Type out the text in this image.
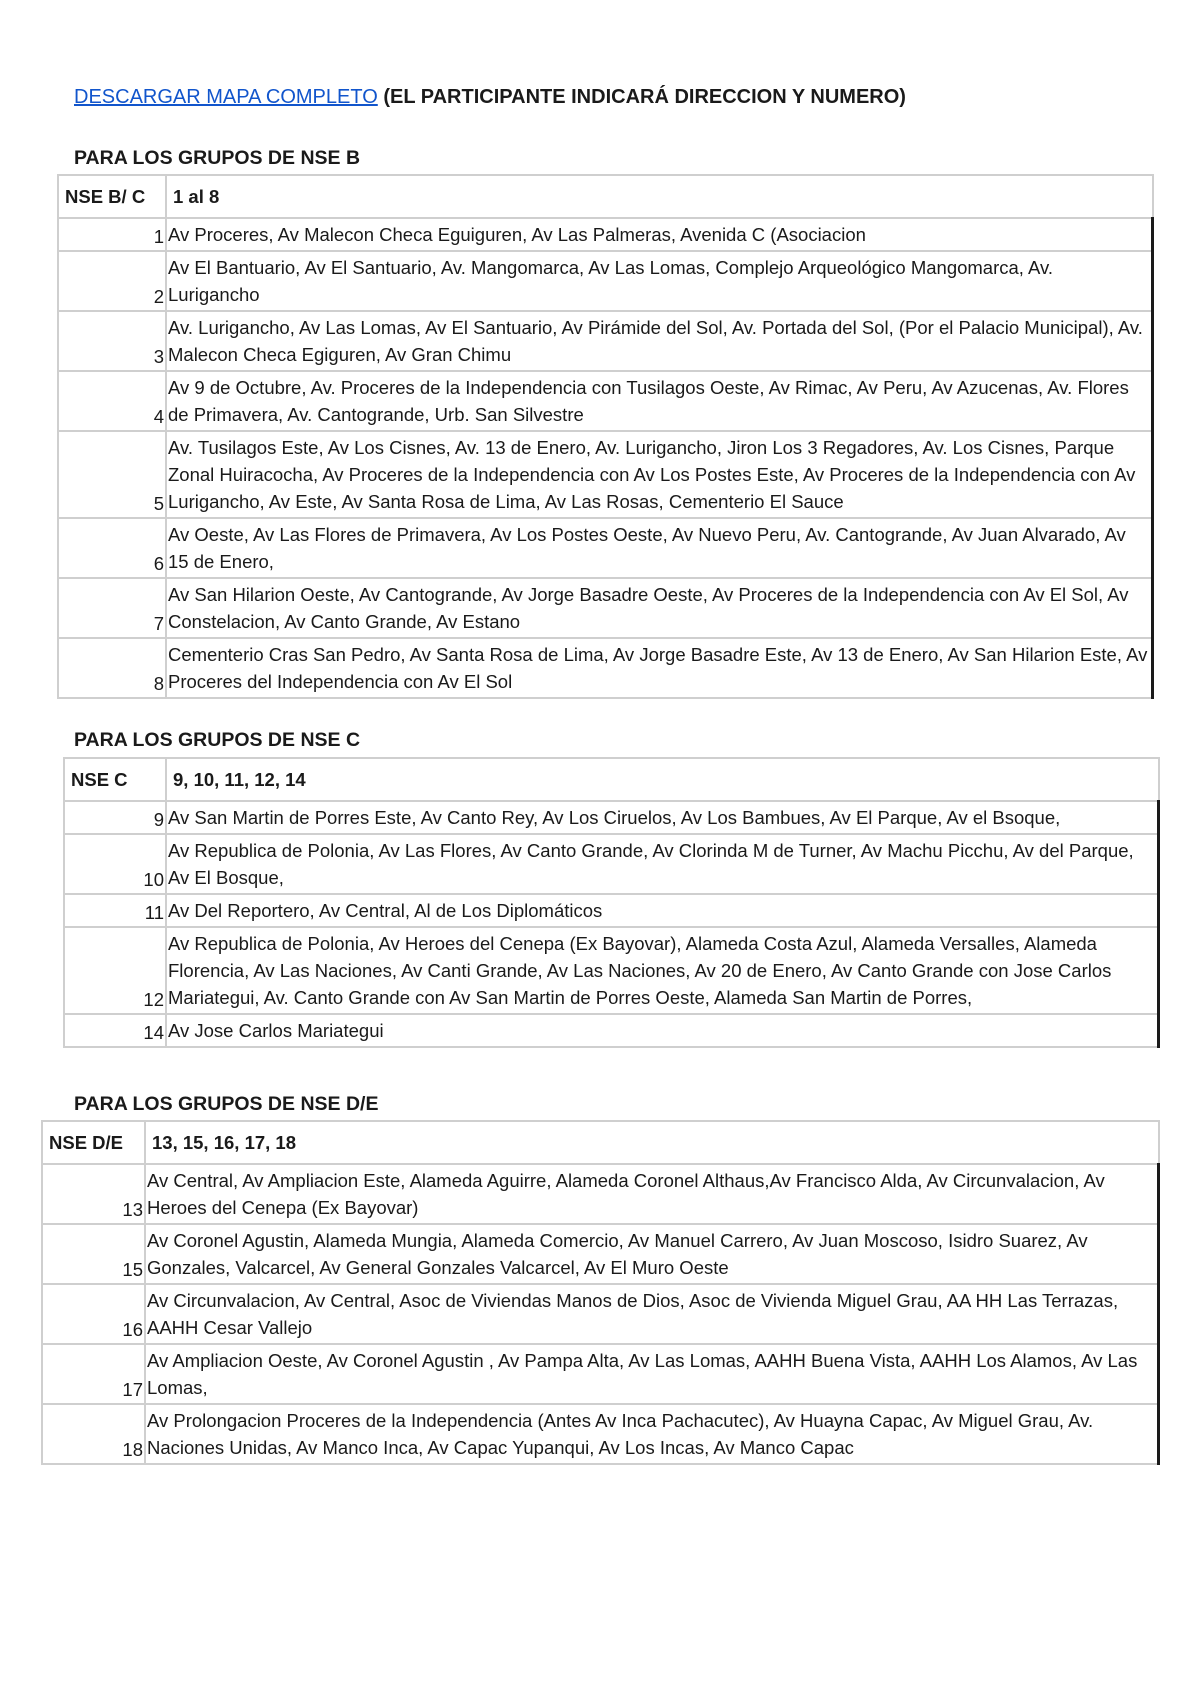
DESCARGAR MAPA COMPLETO (EL PARTICIPANTE INDICARÁ DIRECCION Y NUMERO)
PARA LOS GRUPOS DE NSE B
NSE B/ C	1 al 8
1	Av Proceres, Av Malecon Checa Eguiguren, Av Las Palmeras, Avenida C (Asociacion
2	Av El Bantuario, Av El Santuario, Av. Mangomarca, Av Las Lomas, Complejo Arqueológico Mangomarca, Av. Lurigancho
3	Av. Lurigancho, Av Las Lomas, Av El Santuario, Av Pirámide del Sol, Av. Portada del Sol, (Por el Palacio Municipal), Av. Malecon Checa Egiguren, Av Gran Chimu
4	Av 9 de Octubre, Av. Proceres de la Independencia con Tusilagos Oeste, Av Rimac, Av Peru, Av Azucenas, Av. Flores de Primavera, Av. Cantogrande, Urb. San Silvestre
5	Av. Tusilagos Este, Av Los Cisnes, Av. 13 de Enero, Av. Lurigancho, Jiron Los 3 Regadores, Av. Los Cisnes, Parque Zonal Huiracocha, Av Proceres de la Independencia con Av Los Postes Este, Av Proceres de la Independencia con Av Lurigancho, Av Este, Av Santa Rosa de Lima, Av Las Rosas, Cementerio El Sauce
6	Av Oeste, Av Las Flores de Primavera, Av Los Postes Oeste, Av Nuevo Peru, Av. Cantogrande, Av Juan Alvarado, Av 15 de Enero,
7	Av San Hilarion Oeste, Av Cantogrande, Av Jorge Basadre Oeste, Av Proceres de la Independencia con Av El Sol, Av Constelacion, Av Canto Grande, Av Estano
8	Cementerio Cras San Pedro, Av Santa Rosa de Lima, Av Jorge Basadre Este, Av 13 de Enero, Av San Hilarion Este, Av Proceres del Independencia con Av El Sol
PARA LOS GRUPOS DE NSE C
NSE C	9, 10, 11, 12, 14
9	Av San Martin de Porres Este, Av Canto Rey, Av Los Ciruelos, Av Los Bambues, Av El Parque, Av el Bsoque,
10	Av Republica de Polonia, Av Las Flores, Av Canto Grande, Av Clorinda M de Turner, Av Machu Picchu, Av del Parque, Av El Bosque,
11	Av Del Reportero, Av Central, Al de Los Diplomáticos
12	Av Republica de Polonia, Av Heroes del Cenepa (Ex Bayovar), Alameda Costa Azul, Alameda Versalles, Alameda Florencia, Av Las Naciones, Av Canti Grande, Av Las Naciones, Av 20 de Enero, Av Canto Grande con Jose Carlos Mariategui, Av. Canto Grande con Av San Martin de Porres Oeste, Alameda San Martin de Porres,
14	Av Jose Carlos Mariategui
PARA LOS GRUPOS DE NSE D/E
NSE D/E	13, 15, 16, 17, 18
13	Av Central, Av Ampliacion Este, Alameda Aguirre, Alameda Coronel Althaus,Av Francisco Alda, Av Circunvalacion, Av Heroes del Cenepa (Ex Bayovar)
15	Av Coronel Agustin, Alameda Mungia, Alameda Comercio, Av Manuel Carrero, Av Juan Moscoso, Isidro Suarez, Av Gonzales, Valcarcel, Av General Gonzales Valcarcel, Av El Muro Oeste
16	Av Circunvalacion, Av Central, Asoc de Viviendas Manos de Dios, Asoc de Vivienda Miguel Grau, AA HH Las Terrazas, AAHH Cesar Vallejo
17	Av Ampliacion Oeste, Av Coronel Agustin , Av Pampa Alta, Av Las Lomas, AAHH Buena Vista, AAHH Los Alamos, Av Las Lomas,
18	Av Prolongacion Proceres de la Independencia (Antes Av Inca Pachacutec), Av Huayna Capac, Av Miguel Grau, Av. Naciones Unidas, Av Manco Inca, Av Capac Yupanqui, Av Los Incas, Av Manco Capac
